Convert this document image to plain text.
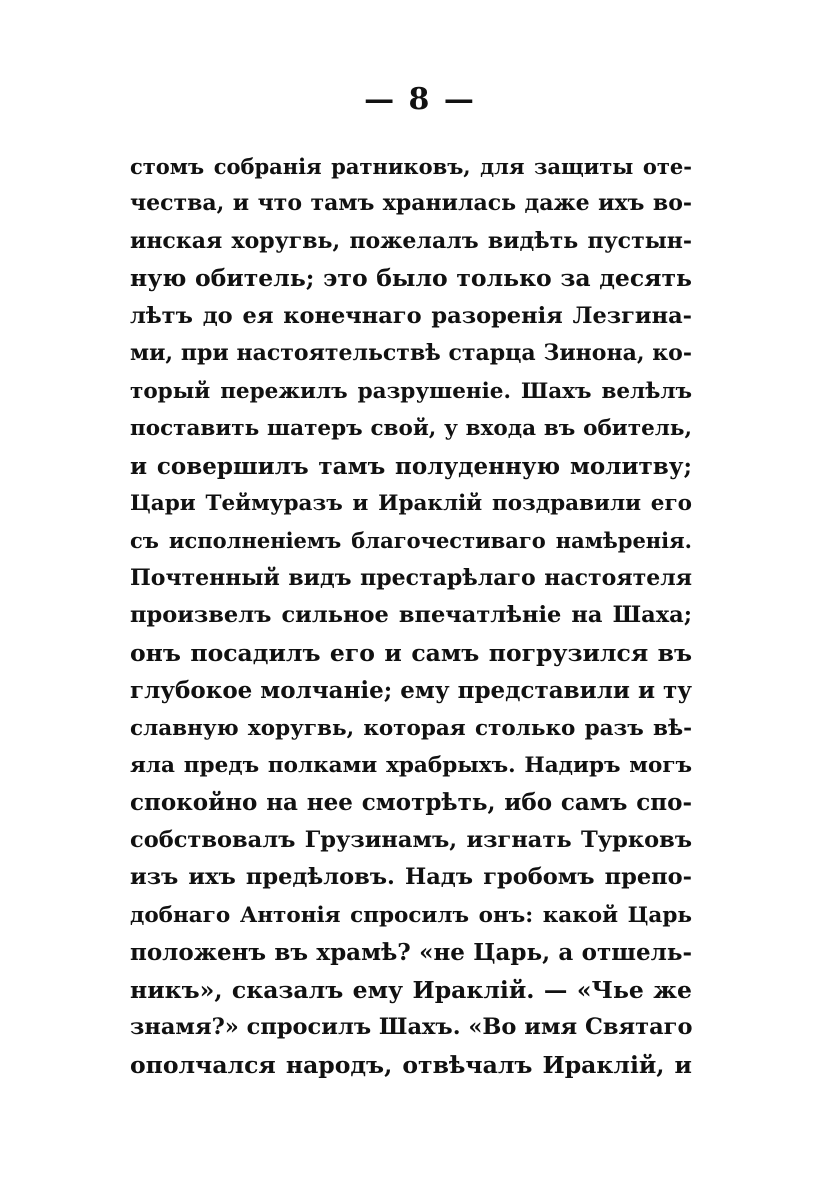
— 8 —
стомъ собранія ратниковъ, для защиты оте-
чества, и что тамъ хранилась даже ихъ во-
инская хоругвь, пожелалъ видѣть пустын-
ную обитель; это было только за десять
лѣтъ до ея конечнаго разоренія Лезгина-
ми, при настоятельствѣ старца Зинона, ко-
торый пережилъ разрушеніе. Шахъ велѣлъ
поставить шатеръ свой, у входа въ обитель,
и совершилъ тамъ полуденную молитву;
Цари Теймуразъ и Ираклій поздравили его
съ исполненіемъ благочестиваго намѣренія.
Почтенный видъ престарѣлаго настоятеля
произвелъ сильное впечатлѣніе на Шаха;
онъ посадилъ его и самъ погрузился въ
глубокое молчаніе; ему представили и ту
славную хоругвь, которая столько разъ вѣ-
яла предъ полками храбрыхъ. Надиръ могъ
спокойно на нее смотрѣть, ибо самъ спо-
собствовалъ Грузинамъ, изгнать Турковъ
изъ ихъ предѣловъ. Надъ гробомъ препо-
добнаго Антонія спросилъ онъ: какой Царь
положенъ въ храмѣ? «не Царь, а отшель-
никъ», сказалъ ему Ираклій. — «Чье же
знамя?» спросилъ Шахъ. «Во имя Святаго
ополчался народъ, отвѣчалъ Ираклій, и
